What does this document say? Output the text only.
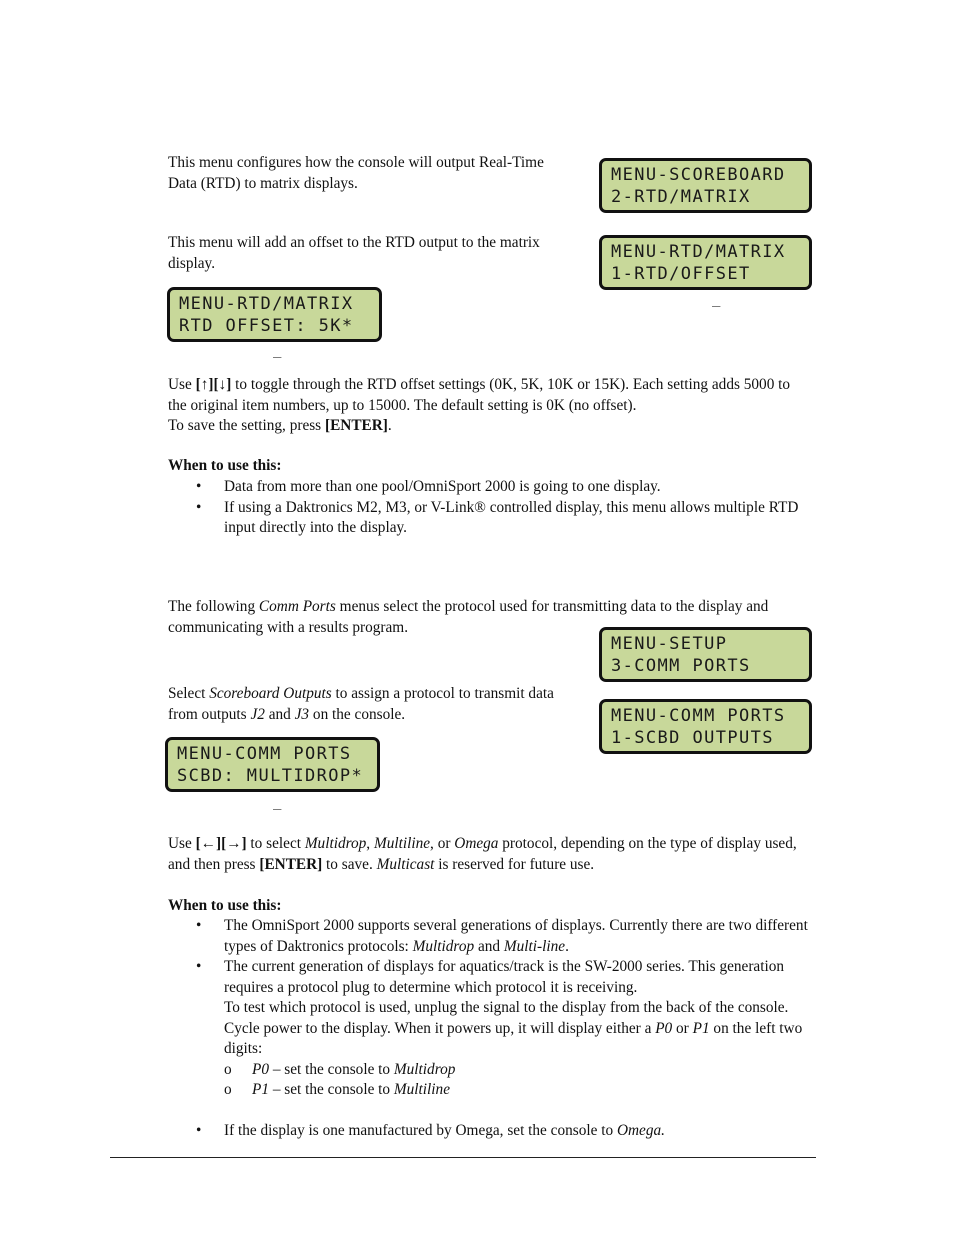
This menu configures how the console will output Real-Time Data (RTD) to matrix displays.	MENU-SCOREBOARD
2-RTD/MATRIX

This menu will add an offset to the RTD output to the matrix display.

MENU-RTD/MATRIX
1-RTD/OFFSET
_
MENU-RTD/MATRIX
RTD OFFSET: 5K*
_

Use [↑][↓] to toggle through the RTD offset settings (0K, 5K, 10K or 15K). Each setting adds 5000 to the original item numbers, up to 15000. The default setting is 0K (no offset).
To save the setting, press [ENTER].

When to use this:

• Data from more than one pool/OmniSport 2000 is going to one display.
• If using a Daktronics M2, M3, or V-Link® controlled display, this menu allows multiple RTD input directly into the display.

The following Comm Ports menus select the protocol used for transmitting data to the display and communicating with a results program.

MENU-SETUP
3-COMM PORTS
MENU-COMM PORTS
1-SCBD OUTPUTS

Select Scoreboard Outputs to assign a protocol to transmit data from outputs J2 and J3 on the console.

MENU-COMM PORTS
SCBD: MULTIDROP*
_

Use [←][→] to select Multidrop, Multiline, or Omega protocol, depending on the type of display used, and then press [ENTER] to save. Multicast is reserved for future use.

When to use this:

• The OmniSport 2000 supports several generations of displays. Currently there are two different types of Daktronics protocols: Multidrop and Multi-line.
• The current generation of displays for aquatics/track is the SW-2000 series. This generation requires a protocol plug to determine which protocol it is receiving.
To test which protocol is used, unplug the signal to the display from the back of the console. Cycle power to the display. When it powers up, it will display either a P0 or P1 on the left two digits:
o P0 – set the console to Multidrop
o P1 – set the console to Multiline
• If the display is one manufactured by Omega, set the console to Omega.
